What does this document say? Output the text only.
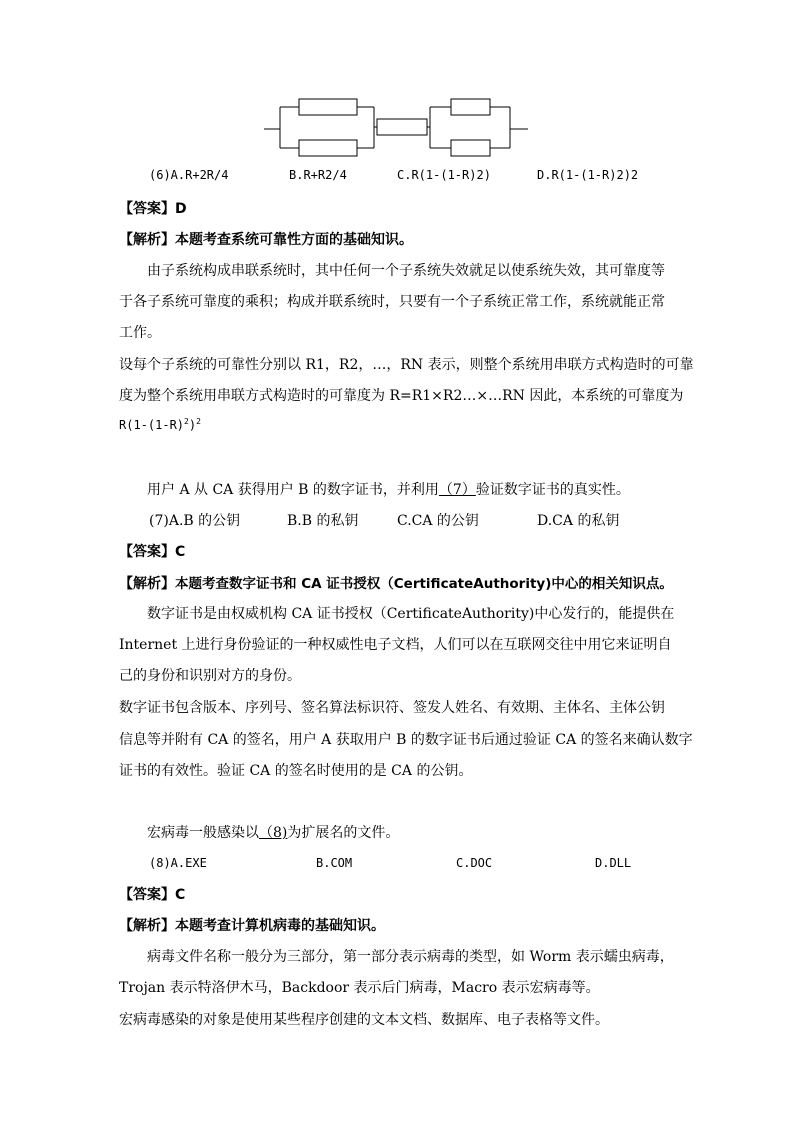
(6)A.R+2R/4	B.R+R2/4	C.R(1-(1-R)2)	D.R(1-(1-R)2)2
【答案】D
【解析】本题考查系统可靠性方面的基础知识。
由子系统构成串联系统时，其中任何一个子系统失效就足以使系统失效，其可靠度等
于各子系统可靠度的乘积；构成并联系统时，只要有一个子系统正常工作，系统就能正常
工作。
设每个子系统的可靠性分别以 R1，R2，…，RN 表示，则整个系统用串联方式构造时的可靠
度为整个系统用串联方式构造时的可靠度为 R=R1×R2…×…RN 因此，本系统的可靠度为
$R(1-(1-R)^2)^2$
用户 A 从 CA 获得用户 B 的数字证书，并利用（7）验证数字证书的真实性。
(7)A.B 的公钥	B.B 的私钥	C.CA 的公钥	D.CA 的私钥
【答案】C
【解析】本题考查数字证书和 CA 证书授权（CertificateAuthority)中心的相关知识点。
数字证书是由权威机构 CA 证书授权（CertificateAuthority)中心发行的，能提供在
Internet 上进行身份验证的一种权威性电子文档，人们可以在互联网交往中用它来证明自
己的身份和识别对方的身份。
数字证书包含版本、序列号、签名算法标识符、签发人姓名、有效期、主体名、主体公钥
信息等并附有 CA 的签名，用户 A 获取用户 B 的数字证书后通过验证 CA 的签名来确认数字
证书的有效性。验证 CA 的签名时使用的是 CA 的公钥。
宏病毒一般感染以（8)为扩展名的文件。
(8)A.EXE	B.COM	C.DOC	D.DLL
【答案】C
【解析】本题考查计算机病毒的基础知识。
病毒文件名称一般分为三部分，第一部分表示病毒的类型，如 Worm 表示蠕虫病毒，
Trojan 表示特洛伊木马，Backdoor 表示后门病毒，Macro 表示宏病毒等。
宏病毒感染的对象是使用某些程序创建的文本文档、数据库、电子表格等文件。
